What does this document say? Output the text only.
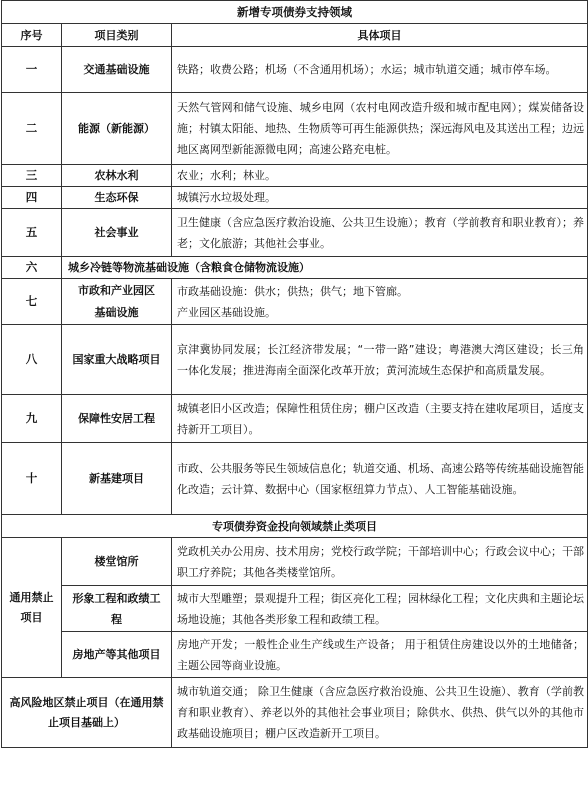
新增专项债券支持领域		
序号	项目类别	具体项目
一	交通基础设施	铁路；收费公路；机场（不含通用机场）；水运；城市轨道交通；城市停车场。
二	能源（新能源）	天然气管网和储气设施、城乡电网（农村电网改造升级和城市配电网）；煤炭储备设施；村镇太阳能、地热、生物质等可再生能源供热；深远海风电及其送出工程；边远地区离网型新能源微电网；高速公路充电桩。
三	农林水利	农业；水利；林业。
四	生态环保	城镇污水垃圾处理。
五	社会事业	卫生健康（含应急医疗救治设施、公共卫生设施）；教育（学前教育和职业教育）；养老；文化旅游；其他社会事业。
六	城乡冷链等物流基础设施（含粮食仓储物流设施）	
七	市政和产业园区基础设施	市政基础设施：供水；供热；供气；地下管廊。
产业园区基础设施。

八	国家重大战略项目	京津冀协同发展；长江经济带发展；“一带一路”建设；粤港澳大湾区建设；长三角一体化发展；推进海南全面深化改革开放；黄河流域生态保护和高质量发展。
九	保障性安居工程	城镇老旧小区改造；保障性租赁住房；棚户区改造（主要支持在建收尾项目，适度支持新开工项目）。
十	新基建项目	市政、公共服务等民生领域信息化；轨道交通、机场、高速公路等传统基础设施智能化改造；云计算、数据中心（国家枢纽算力节点）、人工智能基础设施。
专项债券资金投向领域禁止类项目		
通用禁止项目	楼堂馆所	党政机关办公用房、技术用房；党校行政学院；干部培训中心；行政会议中心；干部职工疗养院；其他各类楼堂馆所。
	形象工程和政绩工程	城市大型雕塑；景观提升工程；街区亮化工程；园林绿化工程；文化庆典和主题论坛场地设施；其他各类形象工程和政绩工程。
	房地产等其他项目	房地产开发；一般性企业生产线或生产设备； 用于租赁住房建设以外的土地储备； 主题公园等商业设施。
高风险地区禁止项目（在通用禁止项目基础上）		城市轨道交通； 除卫生健康（含应急医疗救治设施、公共卫生设施）、教育（学前教育和职业教育）、养老以外的其他社会事业项目；除供水、供热、供气以外的其他市政基础设施项目；棚户区改造新开工项目。
